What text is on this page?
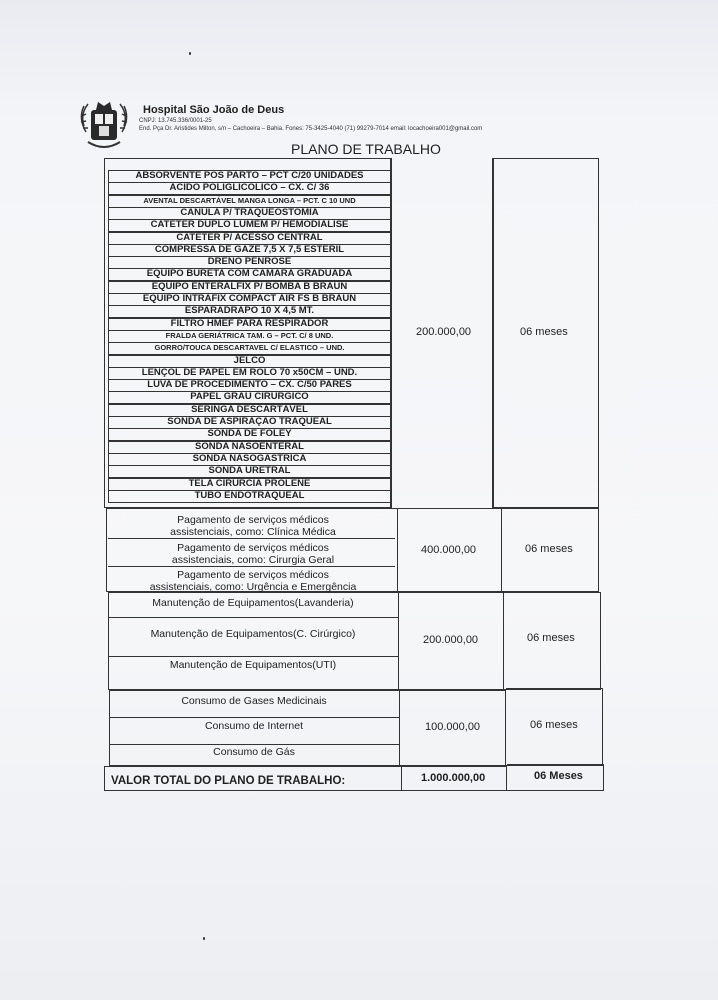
Hospital São João de Deus
CNPJ: 13.745.336/0001-25
End. Pça Dr. Aristides Milton, s/n – Cachoeira – Bahia. Fones: 75-3425-4040 (71) 99279-7014 email: locachoeira001@gmail.com
PLANO DE TRABALHO
ABSORVENTE PÓS PARTO – PCT C/20 UNIDADES
ÁCIDO POLIGLICÓLICO – CX. C/ 36
AVENTAL DESCARTÁVEL MANGA LONGA – PCT. C 10 UND
CÂNULA P/ TRAQUEOSTOMIA
CATETER DUPLO LUMEM P/ HEMODIALISE
CATETER P/ ACESSO CENTRAL
COMPRESSA DE GAZE 7,5 X 7,5 ESTERIL
DRENO PENROSE
EQUIPO BURETA COM CÂMARA GRADUADA
EQUIPO ENTERALFIX P/ BOMBA B BRAUN
EQUIPO INTRAFIX COMPACT AIR FS B BRAUN
ESPARADRAPO 10 X 4,5 MT.
FILTRO HMEF PARA RESPIRADOR
FRALDA GERIÁTRICA TAM. G – PCT. C/ 8 UND.
GORRO/TOUCA DESCARTAVEL C/ ELASTICO – UND.
JELCO
LENÇOL DE PAPEL EM ROLO 70 x50CM – UND.
LUVA DE PROCEDIMENTO – CX. C/50 PARES
PAPEL GRAU CIRÚRGICO
SERINGA DESCARTÁVEL
SONDA DE ASPIRAÇÃO TRAQUEAL
SONDA DE FOLEY
SONDA NASOENTERAL
SONDA NASOGÁSTRICA
SONDA URETRAL
TELA CIRÚRCIA PROLENE
TUBO ENDOTRAQUEAL
200.000,00	06 meses
Pagamento de serviços médicos
assistenciais, como: Clínica Médica
Pagamento de serviços médicos
assistenciais, como: Cirurgia Geral
Pagamento de serviços médicos
assistenciais, como: Urgência e Emergência
400.000,00	06 meses
Manutenção de Equipamentos(Lavanderia)
Manutenção de Equipamentos(C. Cirúrgico)
Manutenção de Equipamentos(UTI)
200.000,00	06 meses
Consumo de Gases Medicinais
Consumo de Internet
Consumo de Gás
100.000,00	06 meses
VALOR TOTAL DO PLANO DE TRABALHO:	1.000.000,00	06 Meses
